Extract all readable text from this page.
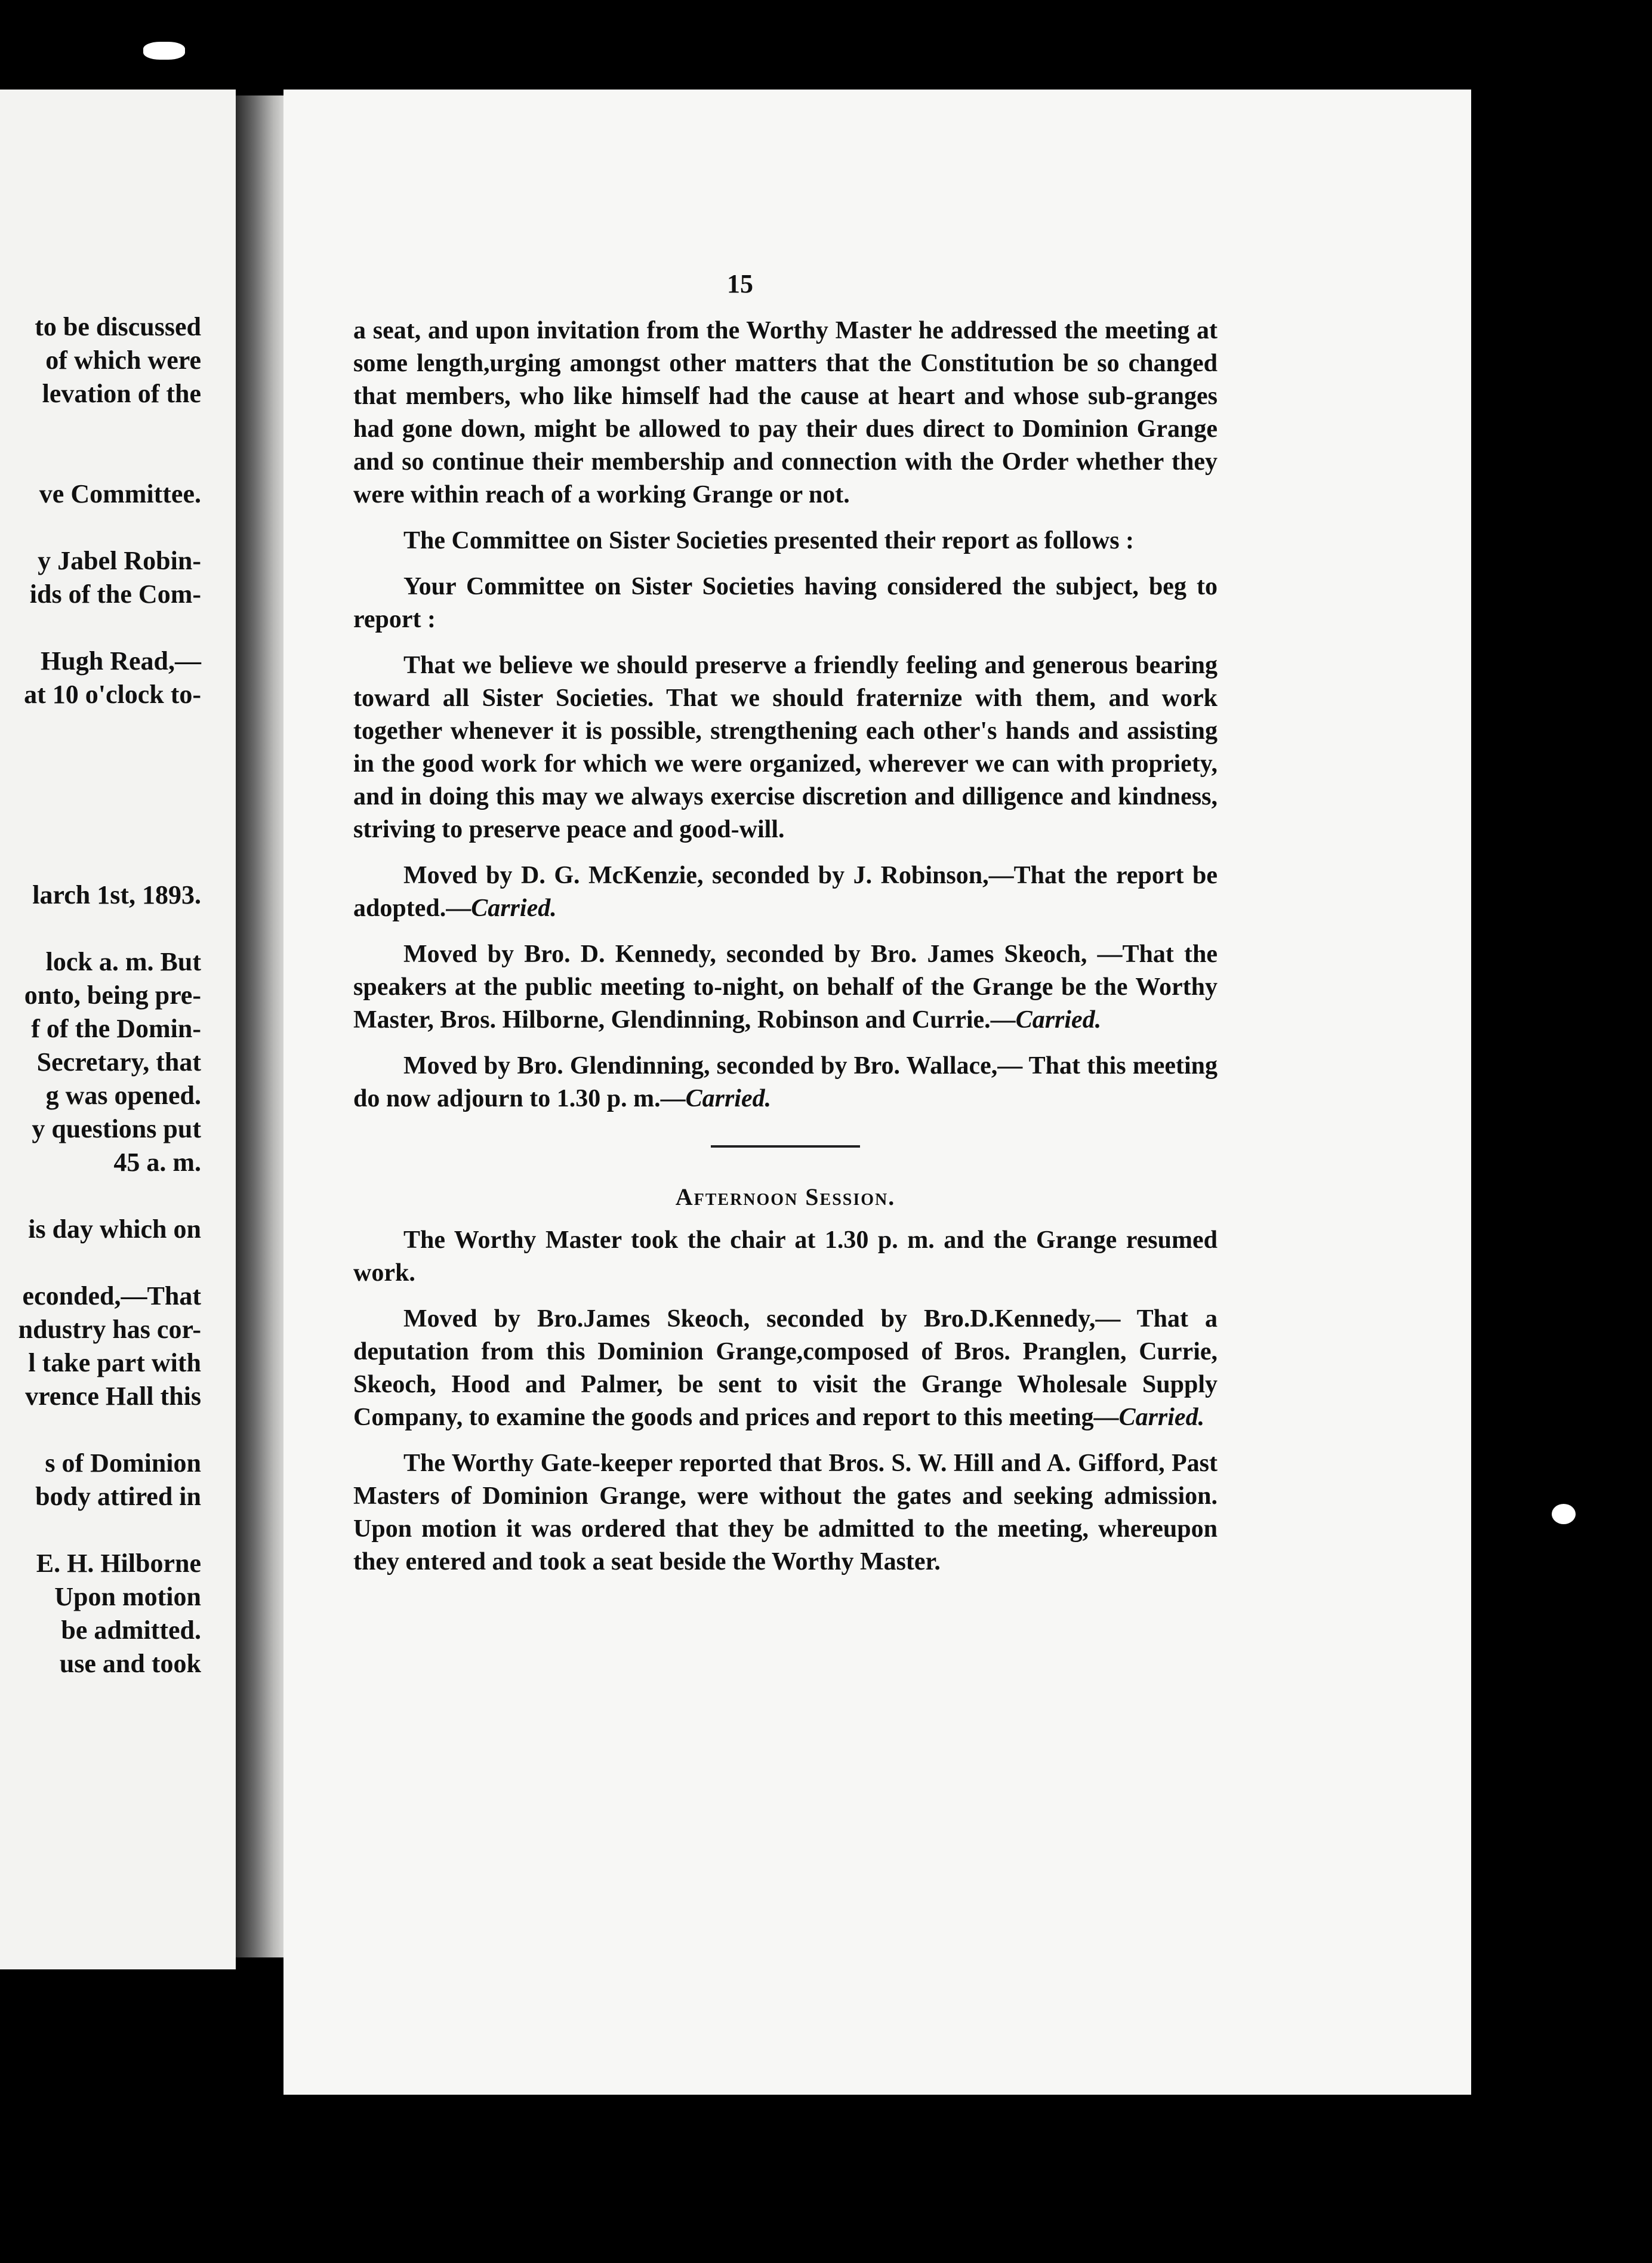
to be discussed
of which were
levation of the
ve Committee.
y Jabel Robin-
ids of the Com-
Hugh Read,—
at 10 o'clock to-
larch 1st, 1893.
lock a. m. But
onto, being pre-
f of the Domin-
Secretary, that
g was opened.
y questions put
45 a. m.
is day which on
econded,—That
ndustry has cor-
l take part with
vrence Hall this
s of Dominion
body attired in
E. H. Hilborne
Upon motion
be admitted.
use and took
15

a seat, and upon invitation from the Worthy Master he addressed the meeting at some length,urging amongst other matters that the Constitution be so changed that members, who like himself had the cause at heart and whose sub-granges had gone down, might be allowed to pay their dues direct to Dominion Grange and so continue their membership and connection with the Order whether they were within reach of a working Grange or not.

The Committee on Sister Societies presented their report as follows :

Your Committee on Sister Societies having considered the subject, beg to report :

That we believe we should preserve a friendly feeling and generous bearing toward all Sister Societies. That we should fraternize with them, and work together whenever it is possible, strengthening each other's hands and assisting in the good work for which we were organized, wherever we can with propriety, and in doing this may we always exercise discretion and dilligence and kindness, striving to preserve peace and good-will.

Moved by D. G. McKenzie, seconded by J. Robinson,—That the report be adopted.—Carried.

Moved by Bro. D. Kennedy, seconded by Bro. James Skeoch, —That the speakers at the public meeting to-night, on behalf of the Grange be the Worthy Master, Bros. Hilborne, Glendinning, Robinson and Currie.—Carried.

Moved by Bro. Glendinning, seconded by Bro. Wallace,— That this meeting do now adjourn to 1.30 p. m.—Carried.

Afternoon Session.

The Worthy Master took the chair at 1.30 p. m. and the Grange resumed work.

Moved by Bro.James Skeoch, seconded by Bro.D.Kennedy,— That a deputation from this Dominion Grange,composed of Bros. Pranglen, Currie, Skeoch, Hood and Palmer, be sent to visit the Grange Wholesale Supply Company, to examine the goods and prices and report to this meeting—Carried.

The Worthy Gate-keeper reported that Bros. S. W. Hill and A. Gifford, Past Masters of Dominion Grange, were without the gates and seeking admission. Upon motion it was ordered that they be admitted to the meeting, whereupon they entered and took a seat beside the Worthy Master.
